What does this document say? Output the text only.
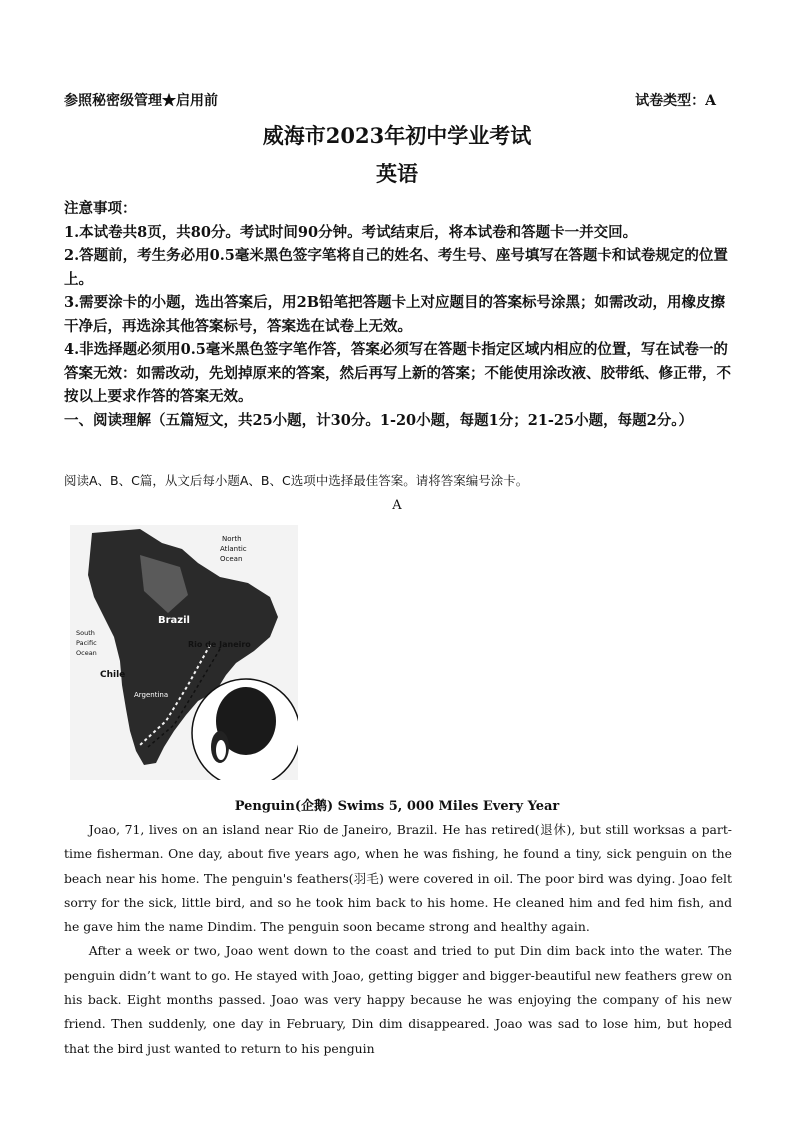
参照秘密级管理★启用前	试卷类型：A
威海市2023年初中学业考试
英语

注意事项：

1.本试卷共8页，共80分。考试时间90分钟。考试结束后，将本试卷和答题卡一并交回。

2.答题前，考生务必用0.5毫米黑色签字笔将自己的姓名、考生号、座号填写在答题卡和试卷规定的位置上。

3.需要涂卡的小题，选出答案后，用2B铅笔把答题卡上对应题目的答案标号涂黑；如需改动，用橡皮擦干净后，再选涂其他答案标号，答案选在试卷上无效。

4.非选择题必须用0.5毫米黑色签字笔作答，答案必须写在答题卡指定区域内相应的位置，写在试卷一的答案无效：如需改动，先划掉原来的答案，然后再写上新的答案；不能使用涂改液、胶带纸、修正带，不按以上要求作答的答案无效。

一、阅读理解（五篇短文，共25小题，计30分。1-20小题，每题1分；21-25小题，每题2分。）

阅读A、B、C篇，从文后每小题A、B、C选项中选择最佳答案。请将答案编号涂卡。
A
North
Atlantic
Ocean
Brazil
Rio de Janeiro
South
Pacific
Ocean
Chile
Argentina
Penguin(企鹅) Swims 5, 000 Miles Every Year

Joao, 71, lives on an island near Rio de Janeiro, Brazil. He has retired(退休), but still worksas a part-time fisherman. One day, about five years ago, when he was fishing, he found a tiny, sick penguin on the beach near his home. The penguin's feathers(羽毛) were covered in oil. The poor bird was dying. Joao felt sorry for the sick, little bird, and so he took him back to his home. He cleaned him and fed him fish, and he gave him the name Dindim. The penguin soon became strong and healthy again.

After a week or two, Joao went down to the coast and tried to put Din dim back into the water. The penguin didn’t want to go. He stayed with Joao, getting bigger and bigger-beautiful new feathers grew on his back. Eight months passed. Joao was very happy because he was enjoying the company of his new friend. Then suddenly, one day in February, Din dim disappeared. Joao was sad to lose him, but hoped that the bird just wanted to return to his penguin
